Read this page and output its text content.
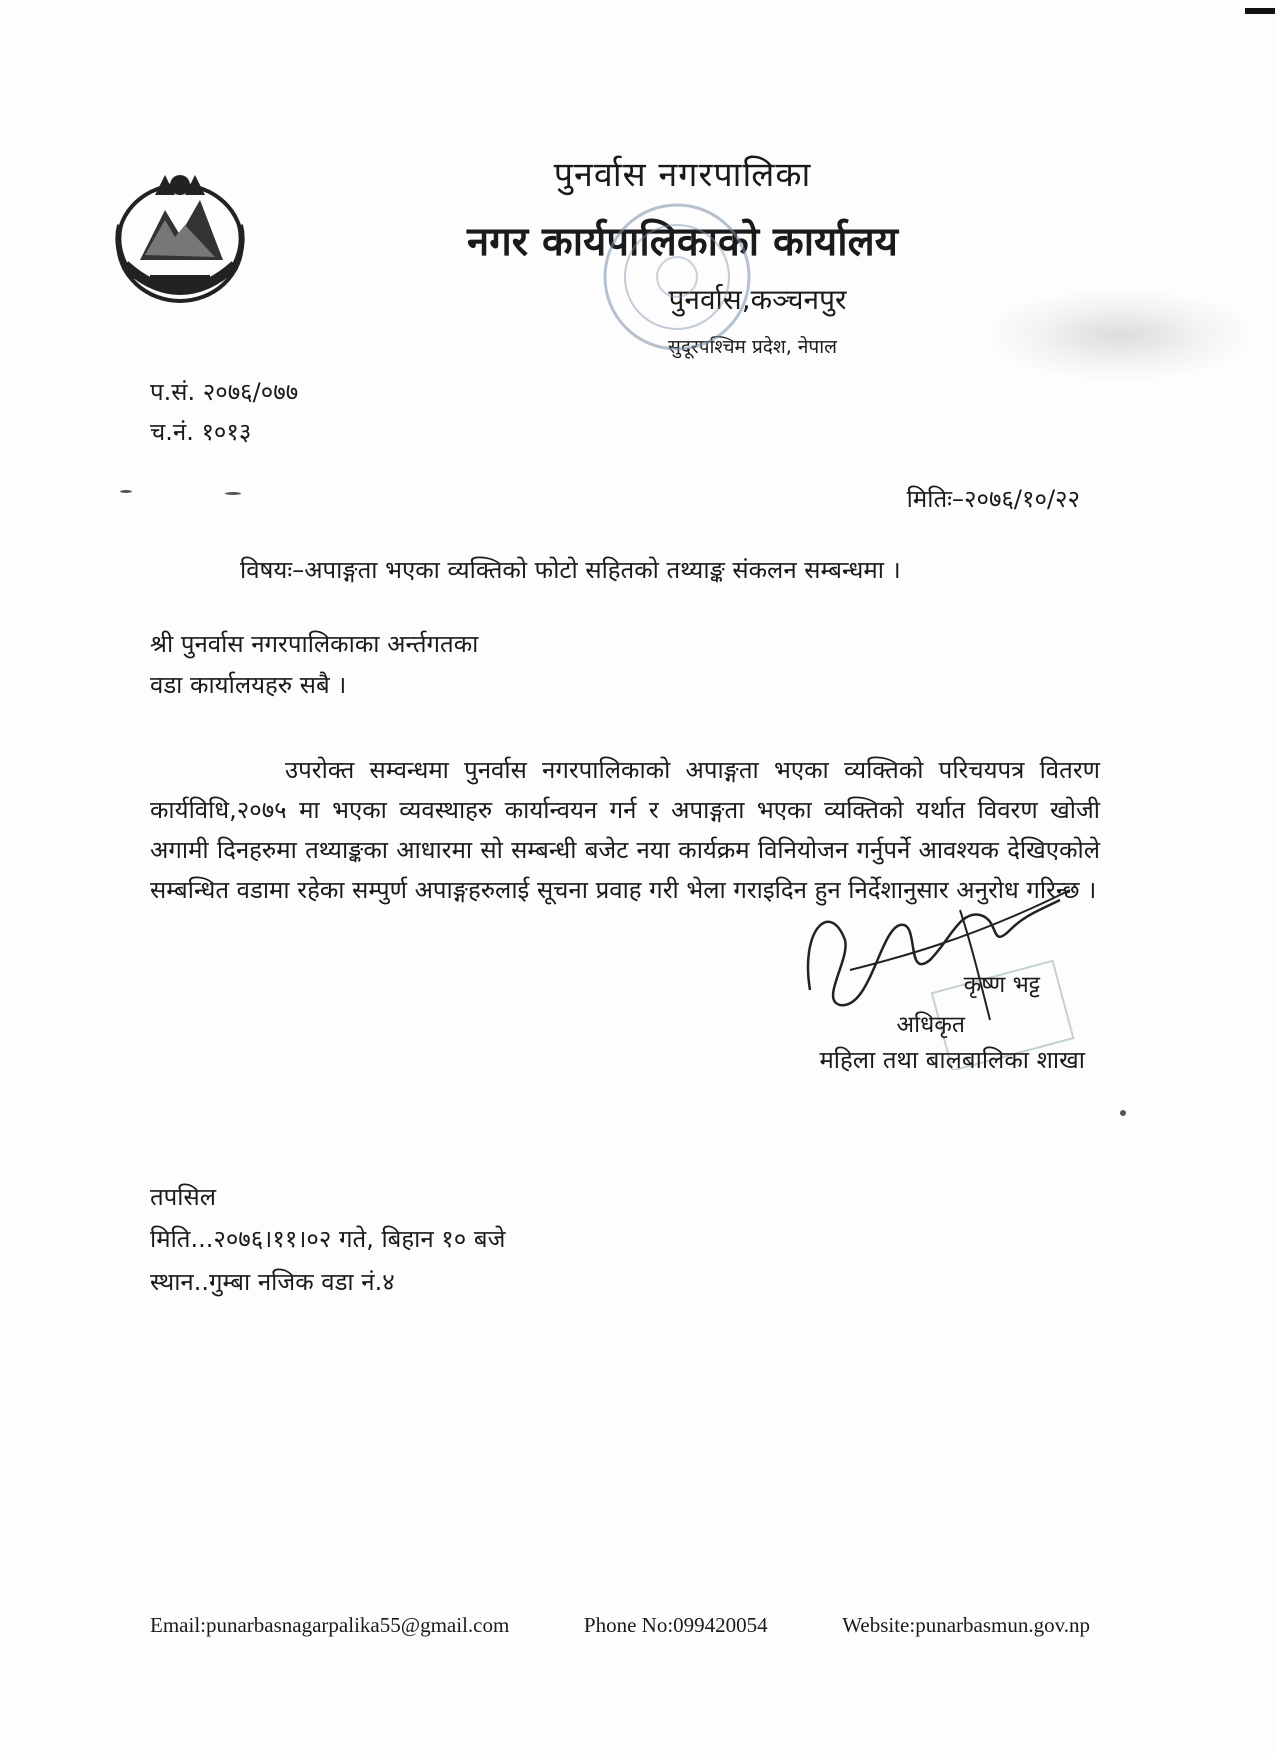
पुनर्वास नगरपालिका
नगर कार्यपालिकाको कार्यालय
पुनर्वास,कञ्चनपुर
सुदूरपश्चिम प्रदेश, नेपाल
प.सं. २०७६/०७७
च.नं. १०१३
मितिः–२०७६/१०/२२
विषयः–अपाङ्गता भएका व्यक्तिको फोटो सहितको तथ्याङ्क संकलन सम्बन्धमा ।
श्री पुनर्वास नगरपालिकाका अर्न्तगतका
वडा कार्यालयहरु सबै ।
उपरोक्त सम्वन्धमा पुनर्वास नगरपालिकाको अपाङ्गता भएका व्यक्तिको परिचयपत्र वितरण कार्यविधि,२०७५ मा भएका व्यवस्थाहरु कार्यान्वयन गर्न र अपाङ्गता भएका व्यक्तिको यर्थात विवरण खोजी अगामी दिनहरुमा तथ्याङ्कका आधारमा सो सम्बन्धी बजेट नया कार्यक्रम विनियोजन गर्नुपर्ने आवश्यक देखिएकोले सम्बन्धित वडामा रहेका सम्पुर्ण अपाङ्गहरुलाई सूचना प्रवाह गरी भेला गराइदिन हुन निर्देशानुसार अनुरोध गरिन्छ ।
कृष्ण भट्ट
अधिकृत
महिला तथा बालबालिका शाखा
तपसिल
मिति...२०७६।११।०२ गते, बिहान १० बजे
स्थान..गुम्बा नजिक वडा नं.४
Email:punarbasnagarpalika55@gmail.com	Phone No:099420054	Website:punarbasmun.gov.np
